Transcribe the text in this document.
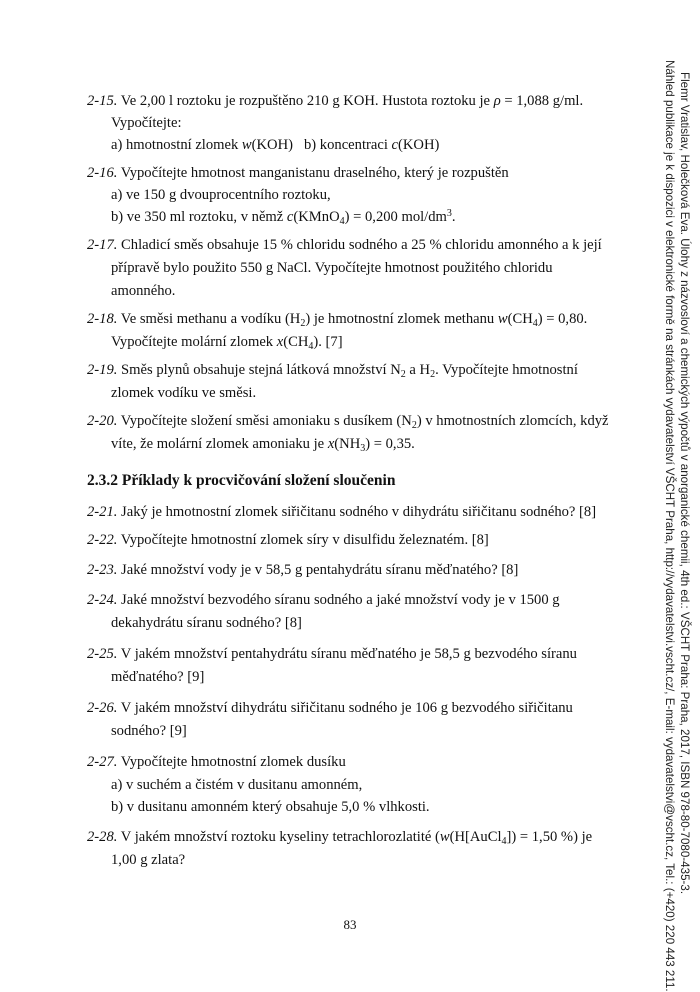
Flemr Vratislav, Holečková Eva. Úlohy z názvosloví a chemických výpočtů v anorganické chemii, 4th ed.: VŠCHT Praha: Praha, 2017, ISBN 978-80-7080-435-3.
Náhled publikace je k dispozici v elektronické formě na stránkách vydavatelství VŠCHT Praha, http://vydavatelstvi.vscht.cz/, E-mail: vydavatelstvi@vscht.cz, Tel.: (+420) 220 443 211.
2-15. Ve 2,00 l roztoku je rozpuštěno 210 g KOH. Hustota roztoku je ρ = 1,088 g/ml.
Vypočítejte:
a) hmotnostní zlomek w(KOH) b) koncentraci c(KOH)
2-16. Vypočítejte hmotnost manganistanu draselného, který je rozpuštěn
a) ve 150 g dvouprocentního roztoku,
b) ve 350 ml roztoku, v němž c(KMnO$_4$) = 0,200 mol/$dm^3$.
2-17. Chladicí směs obsahuje 15 % chloridu sodného a 25 % chloridu amonného a k její
přípravě bylo použito 550 g NaCl. Vypočítejte hmotnost použitého chloridu
amonného.
2-18. Ve směsi methanu a vodíku $(H_2)$ je hmotnostní zlomek methanu $w(CH_4) = 0,80$.
Vypočítejte molární zlomek $x(CH_4)$. [7]
2-19. Směs plynů obsahuje stejná látková množství $N_2$ a $H_2$. Vypočítejte hmotnostní
zlomek vodíku ve směsi.
2-20. Vypočítejte složení směsi amoniaku s dusíkem $(N_2)$ v hmotnostních zlomcích, když
víte, že molární zlomek amoniaku je $x(NH_3) = 0,35$.
2.3.2 Příklady k procvičování složení sloučenin
2-21. Jaký je hmotnostní zlomek siřičitanu sodného v dihydrátu siřičitanu sodného? [8]
2-22. Vypočítejte hmotnostní zlomek síry v disulfidu železnatém. [8]
2-23. Jaké množství vody je v 58,5 g pentahydrátu síranu měďnatého? [8]
2-24. Jaké množství bezvodého síranu sodného a jaké množství vody je v 1500 g
dekahydrátu síranu sodného? [8]
2-25. V jakém množství pentahydrátu síranu měďnatého je 58,5 g bezvodého síranu
měďnatého? [9]
2-26. V jakém množství dihydrátu siřičitanu sodného je 106 g bezvodého siřičitanu
sodného? [9]
2-27. Vypočítejte hmotnostní zlomek dusíku
a) v suchém a čistém v dusitanu amonném,
b) v dusitanu amonném který obsahuje 5,0 % vlhkosti.
2-28. V jakém množství roztoku kyseliny tetrachlorozlatité (w(H[AuCl$_4$]) = 1,50 %) je
1,00 g zlata?
83
